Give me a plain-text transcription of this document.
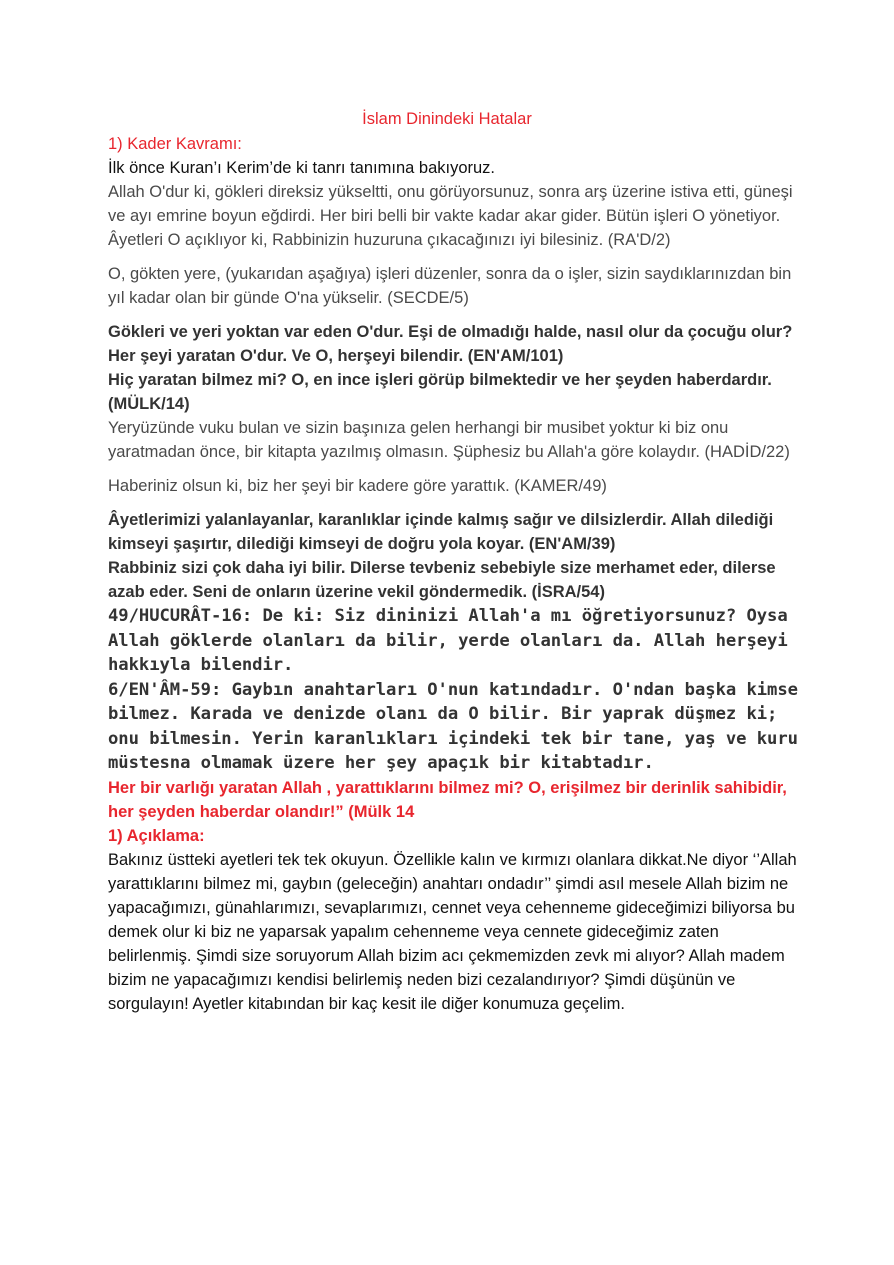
İslam Dinindeki Hatalar

1) Kader Kavramı:

İlk önce Kuran’ı Kerim’de ki tanrı tanımına bakıyoruz.

Allah O'dur ki, gökleri direksiz yükseltti, onu görüyorsunuz, sonra arş üzerine istiva etti, güneşi ve ayı emrine boyun eğdirdi. Her biri belli bir vakte kadar akar gider. Bütün işleri O yönetiyor. Âyetleri O açıklıyor ki, Rabbinizin huzuruna çıkacağınızı iyi bilesiniz. (RA'D/2)

O, gökten yere, (yukarıdan aşağıya) işleri düzenler, sonra da o işler, sizin saydıklarınızdan bin yıl kadar olan bir günde O'na yükselir. (SECDE/5)

Gökleri ve yeri yoktan var eden O'dur. Eşi de olmadığı halde, nasıl olur da çocuğu olur? Her şeyi yaratan O'dur. Ve O, herşeyi bilendir. (EN'AM/101)

Hiç yaratan bilmez mi? O, en ince işleri görüp bilmektedir ve her şeyden haberdardır. (MÜLK/14)

Yeryüzünde vuku bulan ve sizin başınıza gelen herhangi bir musibet yoktur ki biz onu yaratmadan önce, bir kitapta yazılmış olmasın. Şüphesiz bu Allah'a göre kolaydır. (HADİD/22)

Haberiniz olsun ki, biz her şeyi bir kadere göre yarattık. (KAMER/49)

Âyetlerimizi yalanlayanlar, karanlıklar içinde kalmış sağır ve dilsizlerdir. Allah dilediği kimseyi şaşırtır, dilediği kimseyi de doğru yola koyar. (EN'AM/39)

Rabbiniz sizi çok daha iyi bilir. Dilerse tevbeniz sebebiyle size merhamet eder, dilerse azab eder. Seni de onların üzerine vekil göndermedik. (İSRA/54)

49/HUCURÂT-16: De ki: Siz dininizi Allah'a mı öğretiyorsunuz? Oysa Allah göklerde olanları da bilir, yerde olanları da. Allah herşeyi hakkıyla bilendir.

6/EN'ÂM-59: Gaybın anahtarları O'nun katındadır. O'ndan başka kimse bilmez. Karada ve denizde olanı da O bilir. Bir yaprak düşmez ki; onu bilmesin. Yerin karanlıkları içindeki tek bir tane, yaş ve kuru müstesna olmamak üzere her şey apaçık bir kitabtadır.

Her bir varlığı yaratan Allah , yarattıklarını bilmez mi? O, erişilmez bir derinlik sahibidir, her şeyden haberdar olandır!” (Mülk 14

1) Açıklama:

Bakınız üstteki ayetleri tek tek okuyun. Özellikle kalın ve kırmızı olanlara dikkat.Ne diyor ‘’Allah yarattıklarını bilmez mi, gaybın (geleceğin) anahtarı ondadır’’ şimdi asıl mesele Allah bizim ne yapacağımızı, günahlarımızı, sevaplarımızı, cennet veya cehenneme gideceğimizi biliyorsa bu demek olur ki biz ne yaparsak yapalım cehenneme veya cennete gideceğimiz zaten belirlenmiş. Şimdi size soruyorum Allah bizim acı çekmemizden zevk mi alıyor? Allah madem bizim ne yapacağımızı kendisi belirlemiş neden bizi cezalandırıyor? Şimdi düşünün ve sorgulayın! Ayetler kitabından bir kaç kesit ile diğer konumuza geçelim.
